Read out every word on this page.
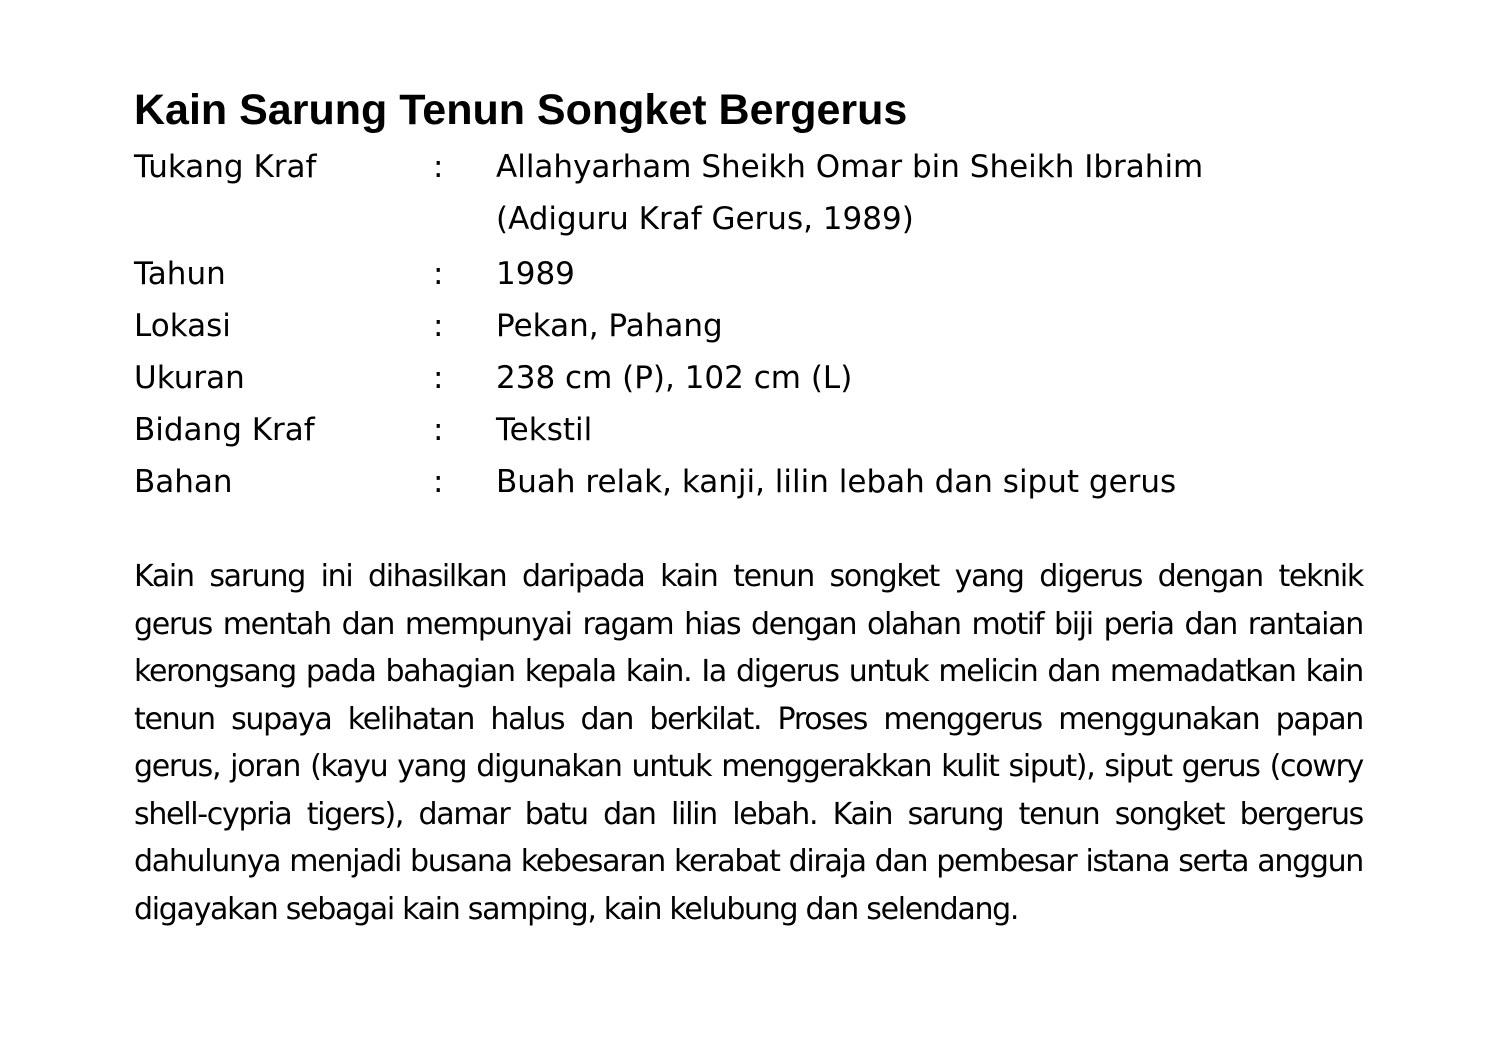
Kain Sarung Tenun Songket Bergerus
Tukang Kraf	: Allahyarham Sheikh Omar bin Sheikh Ibrahim
(Adiguru Kraf Gerus, 1989)
Tahun	: 1989
Lokasi	: Pekan, Pahang
Ukuran	: 238 cm (P), 102 cm (L)
Bidang Kraf	: Tekstil
Bahan	: Buah relak, kanji, lilin lebah dan siput gerus

Kain sarung ini dihasilkan daripada kain tenun songket yang digerus dengan teknik gerus mentah dan mempunyai ragam hias dengan olahan motif biji peria dan rantaian kerongsang pada bahagian kepala kain. Ia digerus untuk melicin dan memadatkan kain tenun supaya kelihatan halus dan berkilat. Proses menggerus menggunakan papan gerus, joran (kayu yang digunakan untuk menggerakkan kulit siput), siput gerus (cowry shell-cypria tigers), damar batu dan lilin lebah. Kain sarung tenun songket bergerus dahulunya menjadi busana kebesaran kerabat diraja dan pembesar istana serta anggun digayakan sebagai kain samping, kain kelubung dan selendang.
